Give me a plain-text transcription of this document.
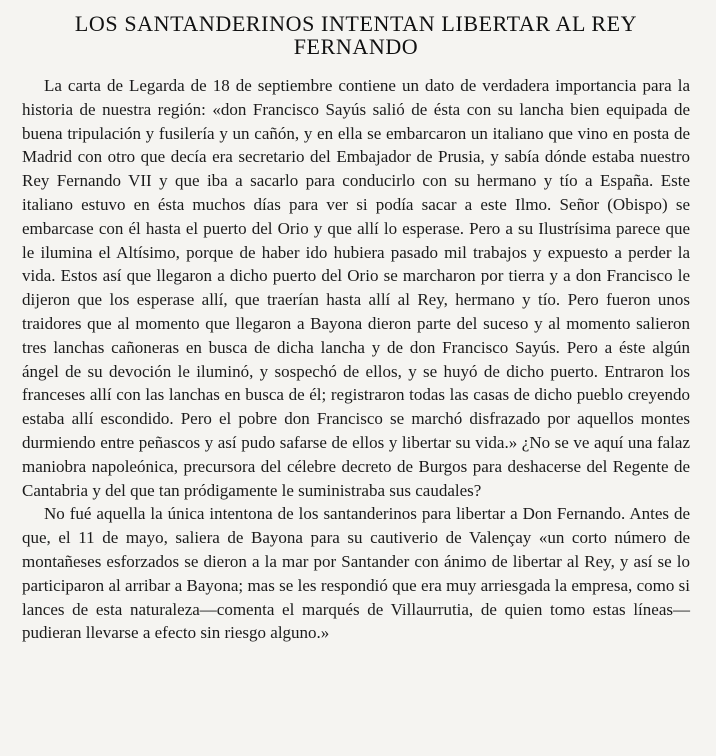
LOS SANTANDERINOS INTENTAN LIBERTAR AL REY FERNANDO

La carta de Legarda de 18 de septiembre contiene un dato de verdadera importancia para la historia de nuestra región: «don Francisco Sayús salió de ésta con su lancha bien equipada de buena tripulación y fusilería y un cañón, y en ella se embarcaron un italiano que vino en posta de Madrid con otro que decía era secretario del Embajador de Prusia, y sabía dónde estaba nuestro Rey Fernando VII y que iba a sacarlo para conducirlo con su hermano y tío a España. Este italiano estuvo en ésta muchos días para ver si podía sacar a este Ilmo. Señor (Obispo) se embarcase con él hasta el puerto del Orio y que allí lo esperase. Pero a su Ilustrísima parece que le ilumina el Altísimo, porque de haber ido hubiera pasado mil trabajos y expuesto a perder la vida. Estos así que llegaron a dicho puerto del Orio se marcharon por tierra y a don Francisco le dijeron que los esperase allí, que traerían hasta allí al Rey, hermano y tío. Pero fueron unos traidores que al momento que llegaron a Bayona dieron parte del suceso y al momento salieron tres lanchas cañoneras en busca de dicha lancha y de don Francisco Sayús. Pero a éste algún ángel de su devoción le iluminó, y sospechó de ellos, y se huyó de dicho puerto. Entraron los franceses allí con las lanchas en busca de él; registraron todas las casas de dicho pueblo creyendo estaba allí escondido. Pero el pobre don Francisco se marchó disfrazado por aquellos montes durmiendo entre peñascos y así pudo safarse de ellos y libertar su vida.» ¿No se ve aquí una falaz maniobra napoleónica, precursora del célebre decreto de Burgos para deshacerse del Regente de Cantabria y del que tan pródigamente le suministraba sus caudales?

No fué aquella la única intentona de los santanderinos para libertar a Don Fernando. Antes de que, el 11 de mayo, saliera de Bayona para su cautiverio de Valençay «un corto número de montañeses esforzados se dieron a la mar por Santander con ánimo de libertar al Rey, y así se lo participaron al arribar a Bayona; mas se les respondió que era muy arriesgada la empresa, como si lances de esta naturaleza—comenta el marqués de Villaurrutia, de quien tomo estas líneas—pudieran llevarse a efecto sin riesgo alguno.»
